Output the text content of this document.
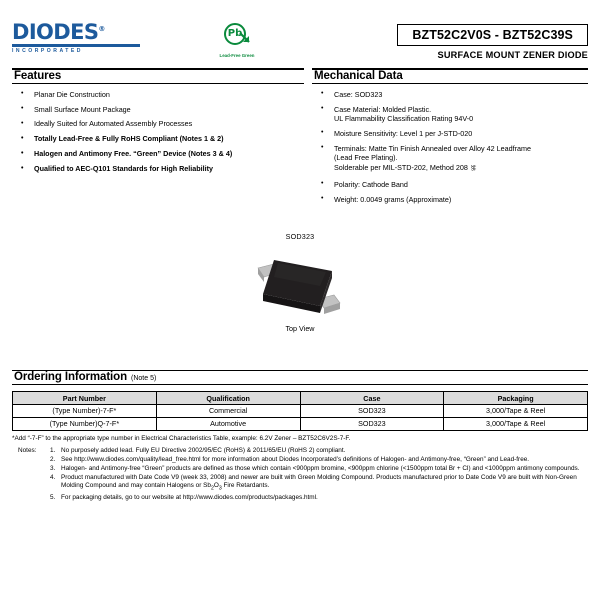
DIODES®
INCORPORATED
Pb
Lead-Free Green
BZT52C2V0S - BZT52C39S
SURFACE MOUNT ZENER DIODE
Features
• Planar Die Construction
• Small Surface Mount Package
• Ideally Suited for Automated Assembly Processes
• Totally Lead-Free & Fully RoHS Compliant (Notes 1 & 2)
• Halogen and Antimony Free. “Green” Device (Notes 3 & 4)
• Qualified to AEC-Q101 Standards for High Reliability
Mechanical Data
• Case: SOD323
• Case Material: Molded Plastic.
UL Flammability Classification Rating 94V-0
• Moisture Sensitivity: Level 1 per J-STD-020
• Terminals: Matte Tin Finish Annealed over Alloy 42 Leadframe
(Lead Free Plating).
Solderable per MIL-STD-202, Method 208 §‡
• Polarity: Cathode Band
• Weight: 0.0049 grams (Approximate)
SOD323
Top View
Ordering Information (Note 5)
Part Number	Qualification	Case	Packaging
(Type Number)-7-F*	Commercial	SOD323	3,000/Tape & Reel
(Type Number)Q-7-F*	Automotive	SOD323	3,000/Tape & Reel
*Add “-7-F” to the appropriate type number in Electrical Characteristics Table, example: 6.2V Zener – BZT52C6V2S-7-F.
Notes:	No purposely added lead. Fully EU Directive 2002/95/EC (RoHS) & 2011/65/EU (RoHS 2) compliant.
See http://www.diodes.com/quality/lead_free.html for more information about Diodes Incorporated’s definitions of Halogen- and Antimony-free, “Green” and Lead-free.
Halogen- and Antimony-free “Green” products are defined as those which contain <900ppm bromine, <900ppm chlorine (<1500ppm total Br + Cl) and <1000ppm antimony compounds.
Product manufactured with Date Code V9 (week 33, 2008) and newer are built with Green Molding Compound. Products manufactured prior to Date Code V9 are built with Non-Green Molding Compound and may contain Halogens or $Sb_2O_3$ Fire Retardants.
For packaging details, go to our website at http://www.diodes.com/products/packages.html.
